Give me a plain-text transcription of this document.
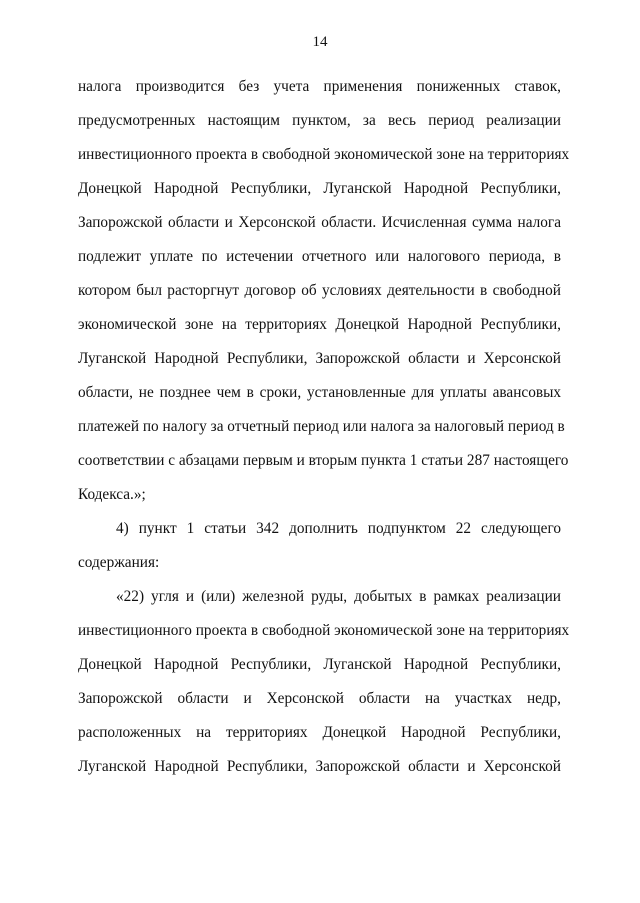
14
налога производится без учета применения пониженных ставок,
предусмотренных настоящим пунктом, за весь период реализации
инвестиционного проекта в свободной экономической зоне на территориях
Донецкой Народной Республики, Луганской Народной Республики,
Запорожской области и Херсонской области. Исчисленная сумма налога
подлежит уплате по истечении отчетного или налогового периода, в
котором был расторгнут договор об условиях деятельности в свободной
экономической зоне на территориях Донецкой Народной Республики,
Луганской Народной Республики, Запорожской области и Херсонской
области, не позднее чем в сроки, установленные для уплаты авансовых
платежей по налогу за отчетный период или налога за налоговый период в
соответствии с абзацами первым и вторым пункта 1 статьи 287 настоящего
Кодекса.»;
4) пункт 1 статьи 342 дополнить подпунктом 22 следующего
содержания:
«22) угля и (или) железной руды, добытых в рамках реализации
инвестиционного проекта в свободной экономической зоне на территориях
Донецкой Народной Республики, Луганской Народной Республики,
Запорожской области и Херсонской области на участках недр,
расположенных на территориях Донецкой Народной Республики,
Луганской Народной Республики, Запорожской области и Херсонской
